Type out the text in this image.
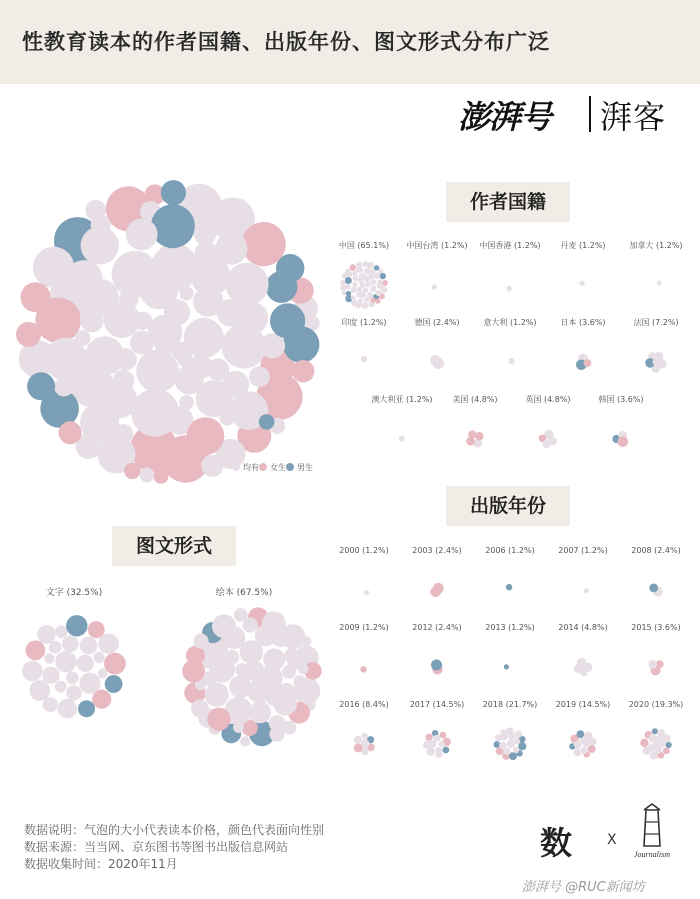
性教育读本的作者国籍、出版年份、图文形式分布广泛
澎湃号 湃客
作者国籍
出版年份
图文形式
均有 女生 男生
中国 (65.1%) 中国台湾 (1.2%) 中国香港 (1.2%) 丹麦 (1.2%)	加拿大 (1.2%)
印度 (1.2%)	德国 (2.4%)	意大利 (1.2%)	日本 (3.6%)	法国 (7.2%)
澳大利亚 (1.2%) 美国 (4.8%)	英国 (4.8%)	韩国 (3.6%)
2000 (1.2%)	2003 (2.4%)	2006 (1.2%)	2007 (1.2%)	2008 (2.4%)
2009 (1.2%)	2012 (2.4%)	2013 (1.2%)	2014 (4.8%)	2015 (3.6%)
2016 (8.4%)	2017 (14.5%) 2018 (21.7%) 2019 (14.5%) 2020 (19.3%)
文字 (32.5%)	绘本 (67.5%)
数据说明：气泡的大小代表读本价格，颜色代表面向性别
数据来源：当当网、京东图书等图书出版信息网站
数据收集时间：2020年11月
数 X
Journalism
澎湃号 @RUC新闻坊
